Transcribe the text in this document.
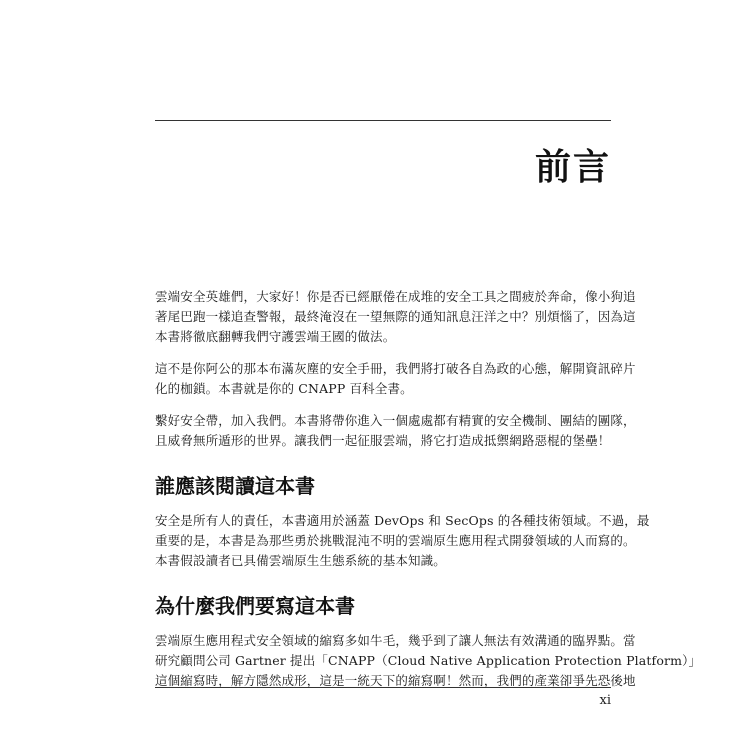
前言

雲端安全英雄們，大家好！你是否已經厭倦在成堆的安全工具之間疲於奔命，像小狗追
著尾巴跑一樣追查警報，最終淹沒在一望無際的通知訊息汪洋之中？別煩惱了，因為這
本書將徹底翻轉我們守護雲端王國的做法。

這不是你阿公的那本布滿灰塵的安全手冊，我們將打破各自為政的心態，解開資訊碎片
化的枷鎖。本書就是你的 CNAPP 百科全書。

繫好安全帶，加入我們。本書將帶你進入一個處處都有精實的安全機制、團結的團隊，
且威脅無所遁形的世界。讓我們一起征服雲端，將它打造成抵禦網路惡棍的堡壘！

誰應該閱讀這本書

安全是所有人的責任，本書適用於涵蓋 DevOps 和 SecOps 的各種技術領域。不過，最
重要的是，本書是為那些勇於挑戰混沌不明的雲端原生應用程式開發領域的人而寫的。
本書假設讀者已具備雲端原生生態系統的基本知識。

為什麼我們要寫這本書

雲端原生應用程式安全領域的縮寫多如牛毛，幾乎到了讓人無法有效溝通的臨界點。當
研究顧問公司 Gartner 提出「CNAPP（Cloud Native Application Protection Platform）」
這個縮寫時，解方隱然成形，這是一統天下的縮寫啊！然而，我們的產業卻爭先恐後地

xi
